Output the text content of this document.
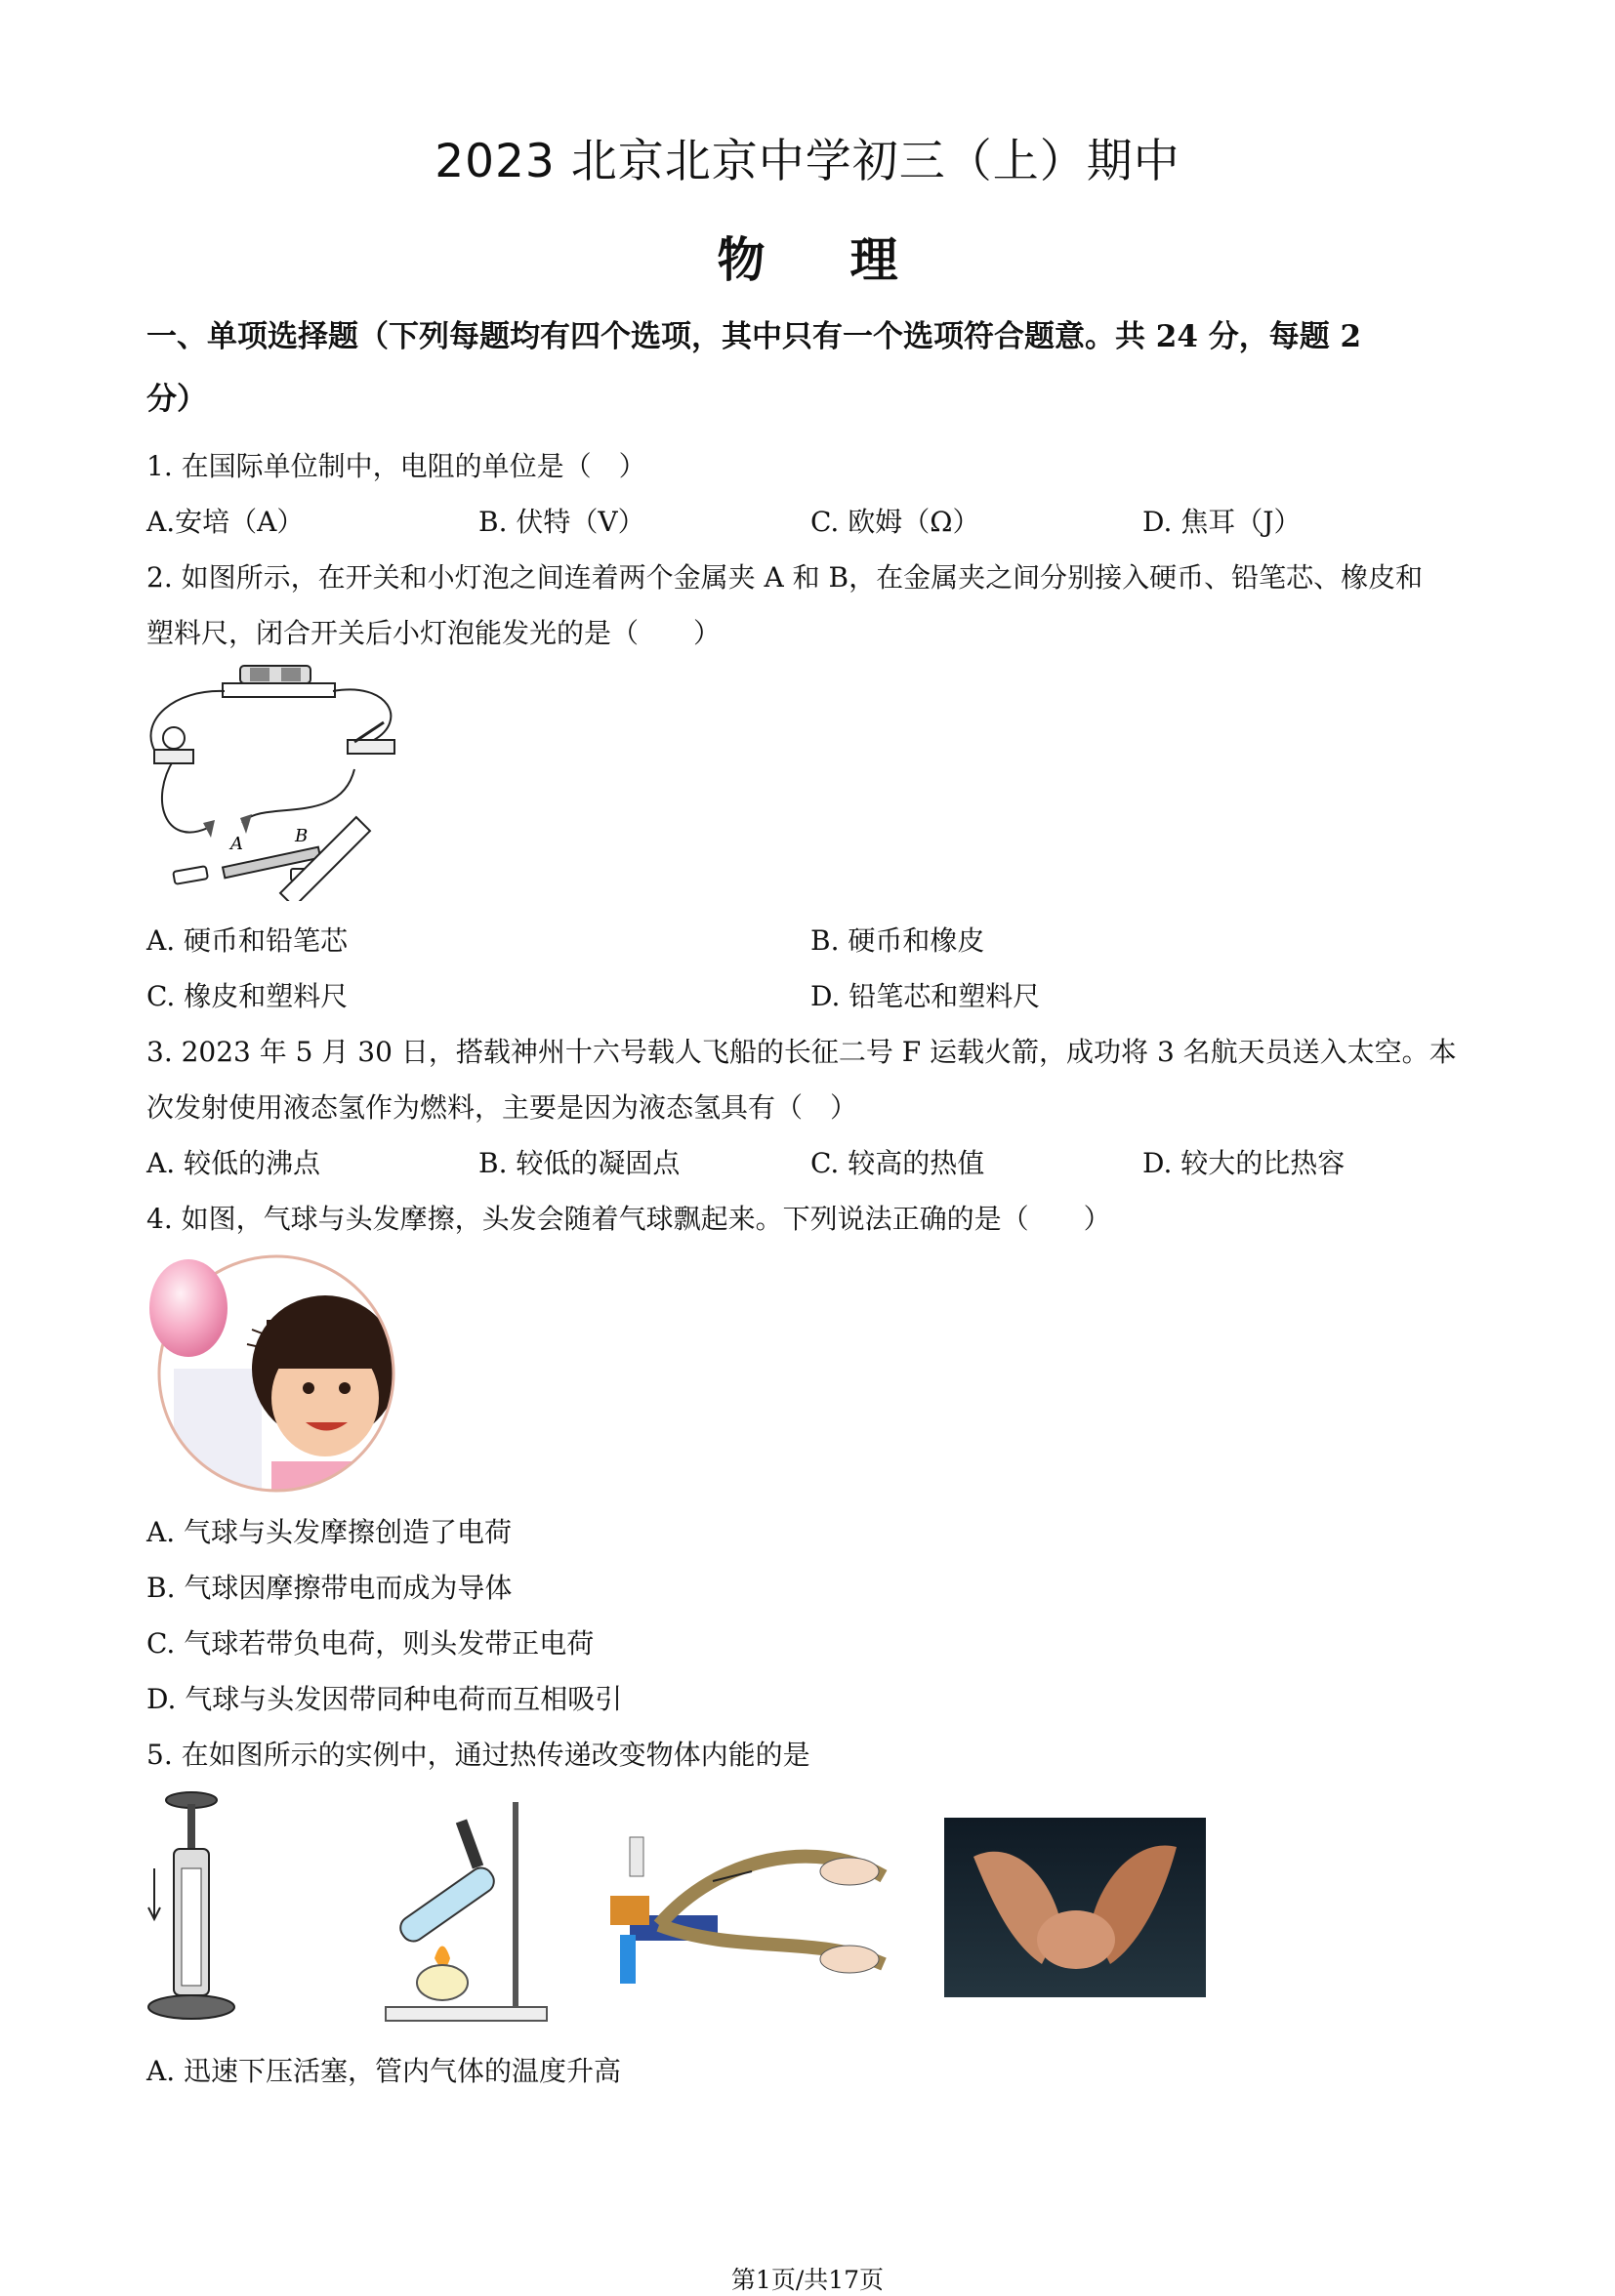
2023 北京北京中学初三（上）期中
物 理
一、单项选择题（下列每题均有四个选项，其中只有一个选项符合题意。共 24 分，每题 2
分）
1. 在国际单位制中，电阻的单位是（　）
A.安培（A）	B. 伏特（V）	C. 欧姆（Ω）	D. 焦耳（J）
2. 如图所示，在开关和小灯泡之间连着两个金属夹 A 和 B，在金属夹之间分别接入硬币、铅笔芯、橡皮和
塑料尺，闭合开关后小灯泡能发光的是（　　）
A	B
A. 硬币和铅笔芯	B. 硬币和橡皮
C. 橡皮和塑料尺	D. 铅笔芯和塑料尺
3. 2023 年 5 月 30 日，搭载神州十六号载人飞船的长征二号 F 运载火箭，成功将 3 名航天员送入太空。本
次发射使用液态氢作为燃料，主要是因为液态氢具有（　）
A. 较低的沸点	B. 较低的凝固点	C. 较高的热值	D. 较大的比热容
4. 如图，气球与头发摩擦，头发会随着气球飘起来。下列说法正确的是（　　）
A. 气球与头发摩擦创造了电荷
B. 气球因摩擦带电而成为导体
C. 气球若带负电荷，则头发带正电荷
D. 气球与头发因带同种电荷而互相吸引
5. 在如图所示的实例中，通过热传递改变物体内能的是
A. 迅速下压活塞，管内气体的温度升高
第1页/共17页
